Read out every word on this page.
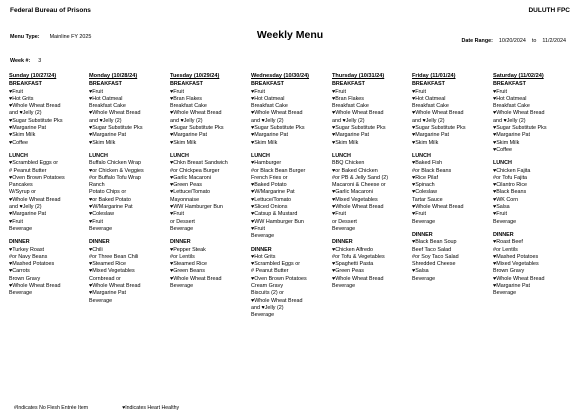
Federal Bureau of Prisons	DULUTH FPC
Menu Type: Mainline FY 2025	Weekly Menu	Date Range: 10/20/2024 to 11/2/2024
Week #: 3
Sunday (10/27/24)
BREAKFAST
♥Fruit
♥Hot Grits
♥Whole Wheat Bread
and ♥Jelly (2)
♥Sugar Substitute Pks
♥Margarine Pat
♥Skim Milk
♥Coffee
LUNCH
♥Scrambled Eggs or
# Peanut Butter
♥Oven Brown Potatoes
Pancakes
W/Syrup or
♥Whole Wheat Bread
and ♥Jelly (2)
♥Margarine Pat
♥Fruit
Beverage
DINNER
♥Turkey Roast
#or Navy Beans
♥Mashed Potatoes
♥Carrots
Brown Gravy
♥Whole Wheat Bread
Beverage
Monday (10/28/24)
BREAKFAST
♥Fruit
♥Hot Oatmeal
Breakfast Cake
♥Whole Wheat Bread
and ♥Jelly (2)
♥Sugar Substitute Pks
♥Margarine Pat
♥Skim Milk
LUNCH
Buffalo Chicken Wrap
♥or Chicken & Veggies
#or Buffalo Tofu Wrap
Ranch
Potato Chips or
♥or Baked Potato
♥W/Margarine Pat
♥Coleslaw
♥Fruit
Beverage
DINNER
♥Chili
#or Three Bean Chili
♥Steamed Rice
♥Mixed Vegetables
Cornbread or
♥Whole Wheat Bread
♥Margarine Pat
Beverage
Tuesday (10/29/24)
BREAKFAST
♥Fruit
♥Bran Flakes
Breakfast Cake
♥Whole Wheat Bread
and ♥Jelly (2)
♥Sugar Substitute Pks
♥Margarine Pat
♥Skim Milk
LUNCH
♥Chkn Breast Sandwich
#or Chickpea Burger
♥Garlic Macaroni
♥Green Peas
♥Lettuce/Tomato
Mayonnaise
♥WW Hamburger Bun
♥Fruit
or Dessert
Beverage
DINNER
♥Pepper Steak
#or Lentils
♥Steamed Rice
♥Green Beans
♥Whole Wheat Bread
Beverage
Wednesday (10/30/24)
BREAKFAST
♥Fruit
♥Hot Oatmeal
Breakfast Cake
♥Whole Wheat Bread
and ♥Jelly (2)
♥Sugar Substitute Pks
♥Margarine Pat
♥Skim Milk
LUNCH
♥Hamburger
#or Black Bean Burger
French Fries or
♥Baked Potato
♥W/Margarine Pat
♥Lettuce/Tomato
♥Sliced Onions
♥Catsup & Mustard
♥WW Hamburger Bun
♥Fruit
Beverage
DINNER
♥Hot Grits
♥Scrambled Eggs or
# Peanut Butter
♥Oven Brown Potatoes
Cream Gravy
Biscuits (2) or
♥Whole Wheat Bread
and ♥Jelly (2)
Beverage
Thursday (10/31/24)
BREAKFAST
♥Fruit
♥Bran Flakes
Breakfast Cake
♥Whole Wheat Bread
and ♥Jelly (2)
♥Sugar Substitute Pks
♥Margarine Pat
♥Skim Milk
LUNCH
BBQ Chicken
♥or Baked Chicken
#or PB & Jelly Sand (2)
Macaroni & Cheese or
♥Garlic Macaroni
♥Mixed Vegetables
♥Whole Wheat Bread
♥Fruit
or Dessert
Beverage
DINNER
♥Chicken Alfredo
#or Tofu & Vegetables
♥Spaghetti Pasta
♥Green Peas
♥Whole Wheat Bread
Beverage
Friday (11/01/24)
BREAKFAST
♥Fruit
♥Hot Oatmeal
Breakfast Cake
♥Whole Wheat Bread
and ♥Jelly (2)
♥Sugar Substitute Pks
♥Margarine Pat
♥Skim Milk
LUNCH
♥Baked Fish
#or Black Beans
♥Rice Pilaf
♥Spinach
♥Coleslaw
Tartar Sauce
♥Whole Wheat Bread
♥Fruit
Beverage
DINNER
♥Black Bean Soup
Beef Taco Salad
#or Soy Taco Salad
Shredded Cheese
♥Salsa
Beverage
Saturday (11/02/24)
BREAKFAST
♥Fruit
♥Hot Oatmeal
Breakfast Cake
♥Whole Wheat Bread
and ♥Jelly (2)
♥Sugar Substitute Pks
♥Margarine Pat
♥Skim Milk
♥Coffee
LUNCH
♥Chicken Fajita
#or Tofu Fajita
♥Cilantro Rice
♥Black Beans
♥WK Corn
♥Salsa
♥Fruit
Beverage
DINNER
♥Roast Beef
#or Lentils
♥Mashed Potatoes
♥Mixed Vegetables
Brown Gravy
♥Whole Wheat Bread
♥Margarine Pat
Beverage
#Indicates No Flesh Entrée Item	♥Indicates Heart Healthy
